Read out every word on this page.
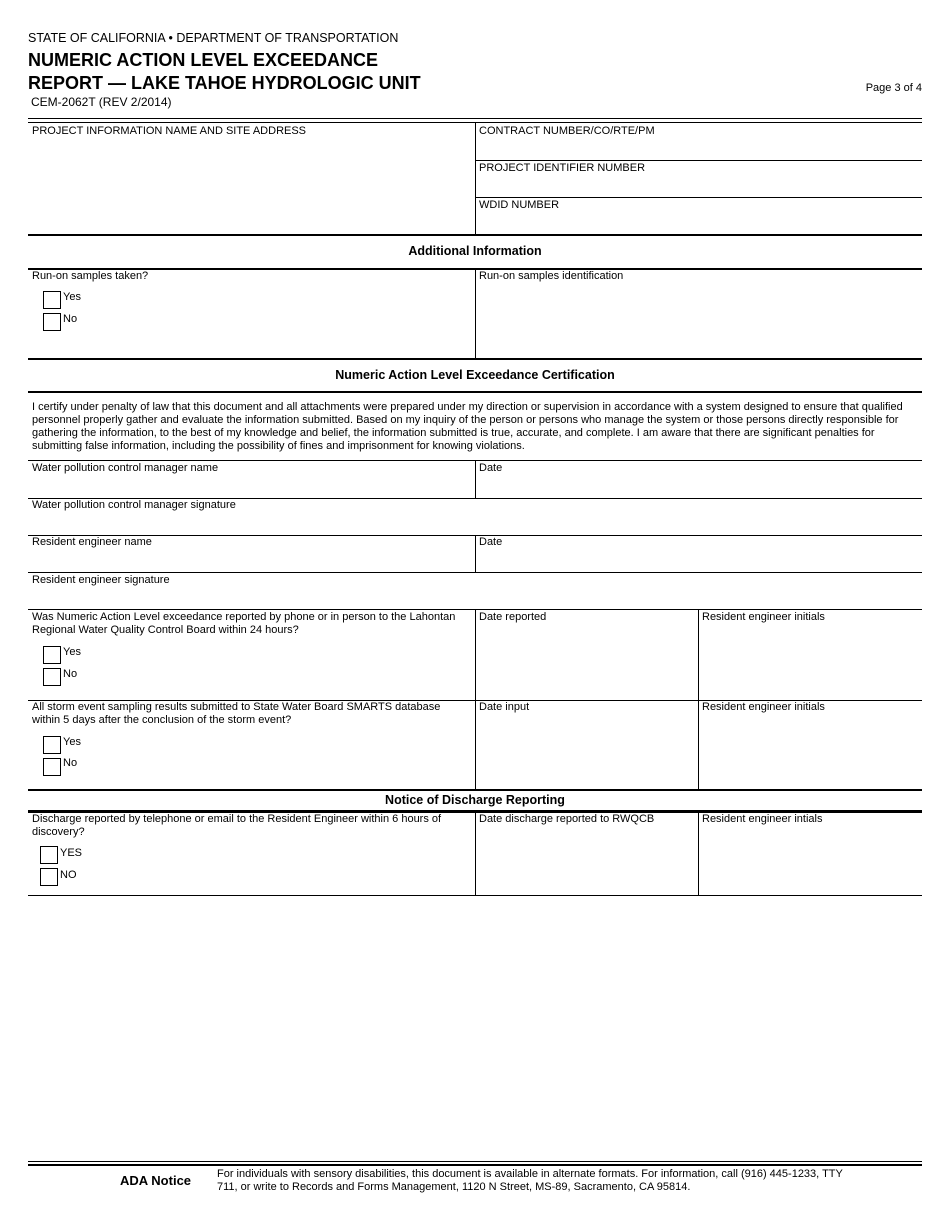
STATE OF CALIFORNIA • DEPARTMENT OF TRANSPORTATION
NUMERIC ACTION LEVEL EXCEEDANCE
REPORT — LAKE TAHOE HYDROLOGIC UNIT
CEM-2062T (REV 2/2014)
Page 3 of 4
PROJECT INFORMATION NAME AND SITE ADDRESS	CONTRACT NUMBER/CO/RTE/PM
PROJECT IDENTIFIER NUMBER
WDID NUMBER
Additional Information
Run-on samples taken?
Yes
No
Run-on samples identification
Numeric Action Level Exceedance Certification
I certify under penalty of law that this document and all attachments were prepared under my direction or supervision in accordance with a system designed to ensure that qualified personnel properly gather and evaluate the information submitted. Based on my inquiry of the person or persons who manage the system or those persons directly responsible for gathering the information, to the best of my knowledge and belief, the information submitted is true, accurate, and complete. I am aware that there are significant penalties for submitting false information, including the possibility of fines and imprisonment for knowing violations.
Water pollution control manager name	Date
Water pollution control manager signature
Resident engineer name	Date
Resident engineer signature
Was Numeric Action Level exceedance reported by phone or in person to the Lahontan Regional Water Quality Control Board within 24 hours?
Yes
No
Date reported	Resident engineer initials
All storm event sampling results submitted to State Water Board SMARTS database within 5 days after the conclusion of the storm event?
Yes
No
Date input	Resident engineer initials
Notice of Discharge Reporting
Discharge reported by telephone or email to the Resident Engineer within 6 hours of discovery?
YES
NO
Date discharge reported to RWQCB	Resident engineer intials
ADA Notice For individuals with sensory disabilities, this document is available in alternate formats. For information, call (916) 445-1233, TTY 711, or write to Records and Forms Management, 1120 N Street, MS-89, Sacramento, CA 95814.
